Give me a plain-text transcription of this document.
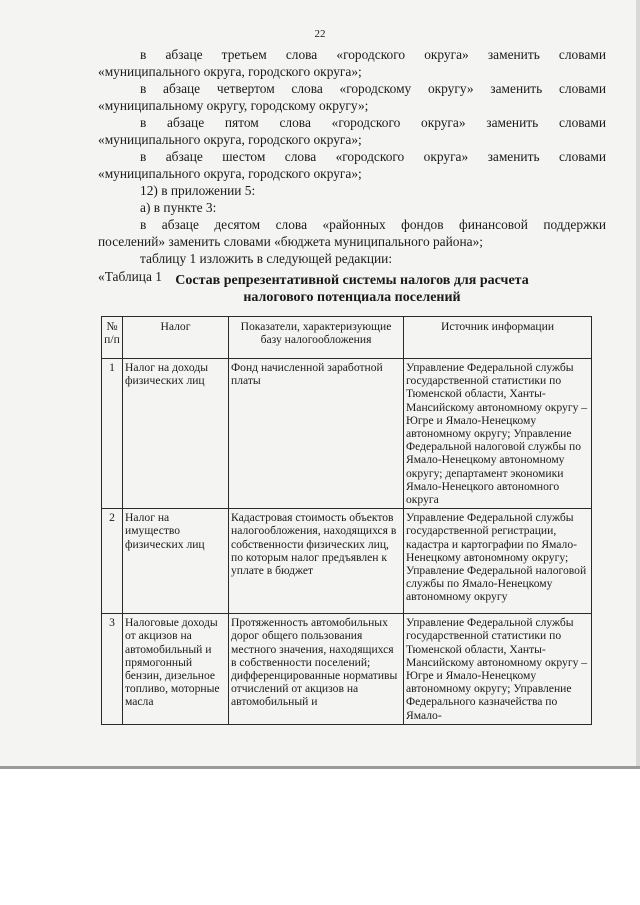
22

в абзаце третьем слова «городского округа» заменить словами

«муниципального округа, городского округа»;

в абзаце четвертом слова «городскому округу» заменить словами

«муниципальному округу, городскому округу»;

в абзаце пятом слова «городского округа» заменить словами

«муниципального округа, городского округа»;

в абзаце шестом слова «городского округа» заменить словами

«муниципального округа, городского округа»;

12) в приложении 5:

а) в пункте 3:

в абзаце десятом слова «районных фондов финансовой поддержки

поселений» заменить словами «бюджета муниципального района»;

таблицу 1 изложить в следующей редакции:

«Таблица 1 Состав репрезентативной системы налогов для расчета
налогового потенциала поселений
№ п/п	Налог	Показатели, характеризующие базу налогообложения	Источник информации
1	Налог на доходы физических лиц	Фонд начисленной заработной платы	Управление Федеральной службы государственной статистики по Тюменской области, Ханты-Мансийскому автономному округу – Югре и Ямало-Ненецкому автономному округу; Управление Федеральной налоговой службы по Ямало-Ненецкому автономному округу; департамент экономики Ямало-Ненецкого автономного округа
2	Налог на имущество физических лиц	Кадастровая стоимость объектов налогообложения, находящихся в собственности физических лиц, по которым налог предъявлен к уплате в бюджет	Управление Федеральной службы государственной регистрации, кадастра и картографии по Ямало-Ненецкому автономному округу; Управление Федеральной налоговой службы по Ямало-Ненецкому автономному округу
3	Налоговые доходы от акцизов на автомобильный и прямогонный бензин, дизельное топливо, моторные масла	Протяженность автомобильных дорог общего пользования местного значения, находящихся в собственности поселений; дифференцированные нормативы отчислений от акцизов на автомобильный и	Управление Федеральной службы государственной статистики по Тюменской области, Ханты-Мансийскому автономному округу – Югре и Ямало-Ненецкому автономному округу; Управление Федерального казначейства по Ямало-
